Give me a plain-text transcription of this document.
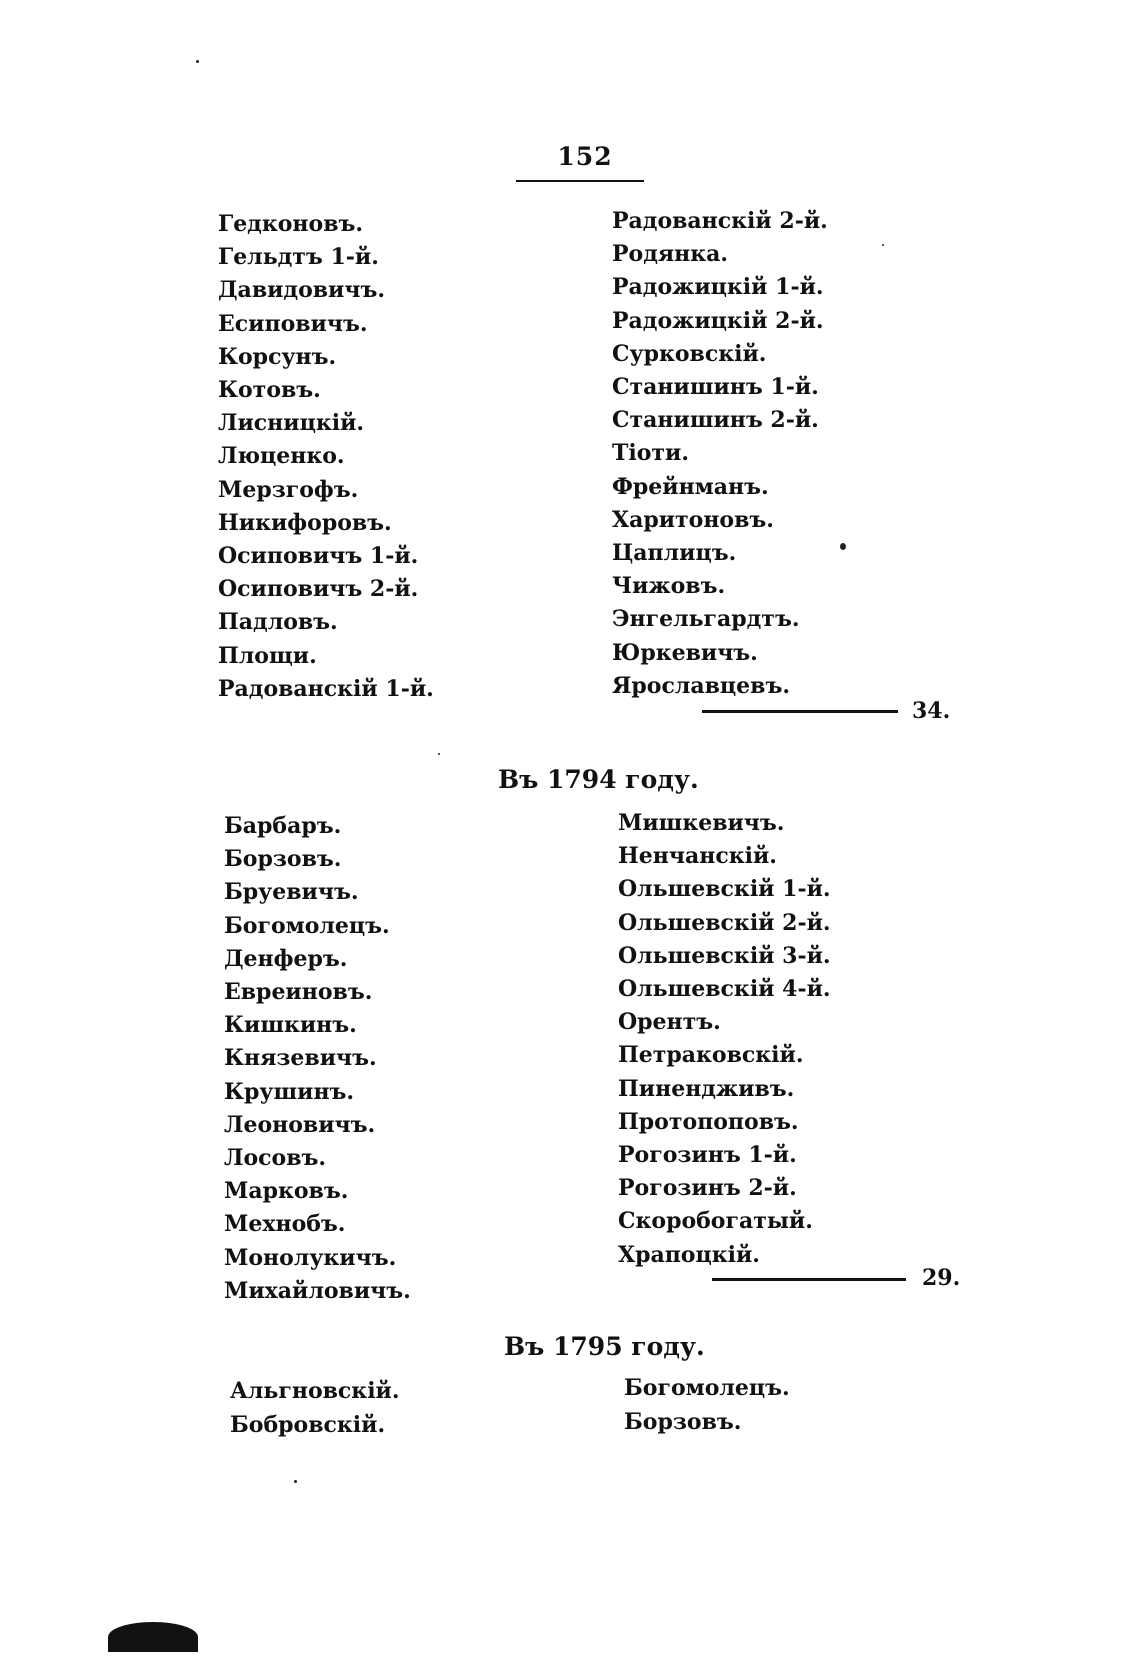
152
Гедконовъ.
Гельдтъ 1-й.
Давидовичъ.
Есиповичъ.
Корсунъ.
Котовъ.
Лисницкій.
Люценко.
Мерзгофъ.
Никифоровъ.
Осиповичъ 1-й.
Осиповичъ 2-й.
Падловъ.
Площи.
Радованскій 1-й.
Радованскій 2-й.
Родянка.
Радожицкій 1-й.
Радожицкій 2-й.
Сурковскій.
Станишинъ 1-й.
Станишинъ 2-й.
Тіоти.
Фрейнманъ.
Харитоновъ.
Цаплицъ.
Чижовъ.
Энгельгардтъ.
Юркевичъ.
Ярославцевъ.
34.
Въ 1794 году.
Барбаръ.
Борзовъ.
Бруевичъ.
Богомолецъ.
Денферъ.
Евреиновъ.
Кишкинъ.
Князевичъ.
Крушинъ.
Леоновичъ.
Лосовъ.
Марковъ.
Мехнобъ.
Монолукичъ.
Михайловичъ.
Мишкевичъ.
Ненчанскій.
Ольшевскій 1-й.
Ольшевскій 2-й.
Ольшевскій 3-й.
Ольшевскій 4-й.
Орентъ.
Петраковскій.
Пинендживъ.
Протопоповъ.
Рогозинъ 1-й.
Рогозинъ 2-й.
Скоробогатый.
Храпоцкій.
29.
Въ 1795 году.
Альгновскій.
Бобровскій.
Богомолецъ.
Борзовъ.
